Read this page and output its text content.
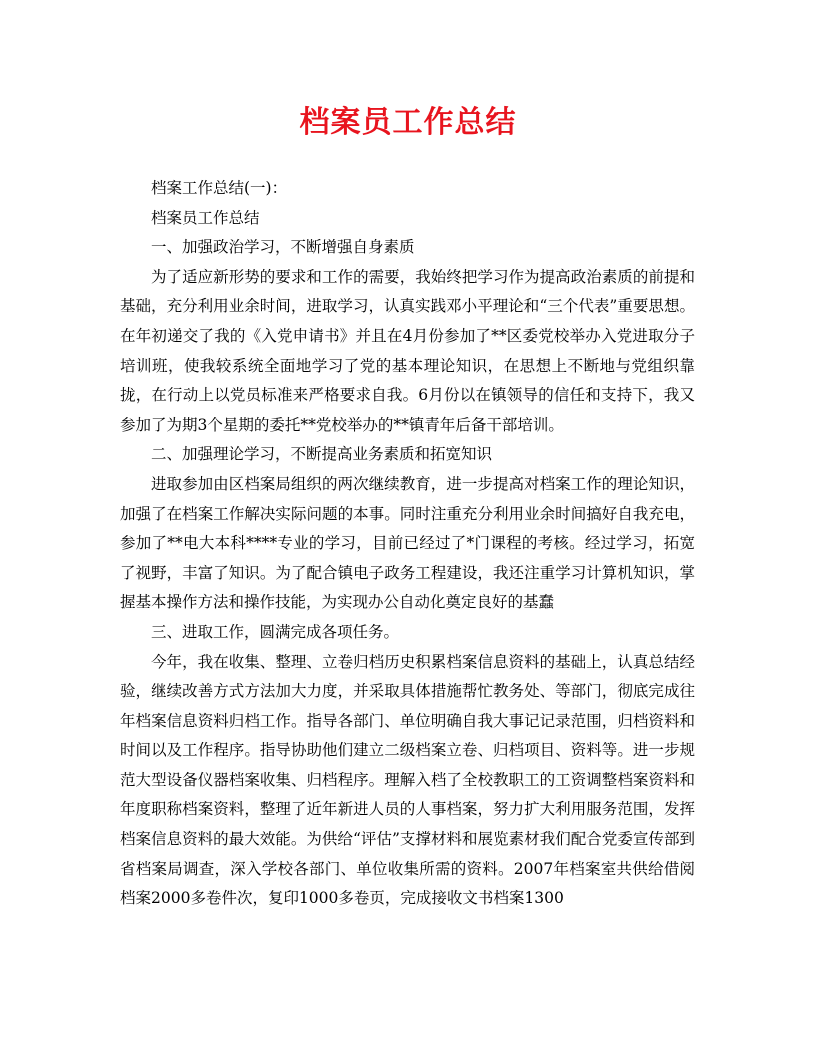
档案员工作总结

档案工作总结(一)：

档案员工作总结

一、加强政治学习，不断增强自身素质

为了适应新形势的要求和工作的需要，我始终把学习作为提高政治素质的前提和基础，充分利用业余时间，进取学习，认真实践邓小平理论和“三个代表”重要思想。在年初递交了我的《入党申请书》并且在4月份参加了**区委党校举办入党进取分子培训班，使我较系统全面地学习了党的基本理论知识，在思想上不断地与党组织靠拢，在行动上以党员标准来严格要求自我。6月份以在镇领导的信任和支持下，我又参加了为期3个星期的委托**党校举办的**镇青年后备干部培训。

二、加强理论学习，不断提高业务素质和拓宽知识

进取参加由区档案局组织的两次继续教育，进一步提高对档案工作的理论知识，加强了在档案工作解决实际问题的本事。同时注重充分利用业余时间搞好自我充电，参加了**电大本科****专业的学习，目前已经过了*门课程的考核。经过学习，拓宽了视野，丰富了知识。为了配合镇电子政务工程建设，我还注重学习计算机知识，掌握基本操作方法和操作技能，为实现办公自动化奠定良好的基蠢

三、进取工作，圆满完成各项任务。

今年，我在收集、整理、立卷归档历史积累档案信息资料的基础上，认真总结经验，继续改善方式方法加大力度，并采取具体措施帮忙教务处、等部门，彻底完成往年档案信息资料归档工作。指导各部门、单位明确自我大事记记录范围，归档资料和时间以及工作程序。指导协助他们建立二级档案立卷、归档项目、资料等。进一步规范大型设备仪器档案收集、归档程序。理解入档了全校教职工的工资调整档案资料和年度职称档案资料，整理了近年新进人员的人事档案，努力扩大利用服务范围，发挥档案信息资料的最大效能。为供给“评估”支撑材料和展览素材我们配合党委宣传部到省档案局调查，深入学校各部门、单位收集所需的资料。2007年档案室共供给借阅档案2000多卷件次，复印1000多卷页，完成接收文书档案1300
